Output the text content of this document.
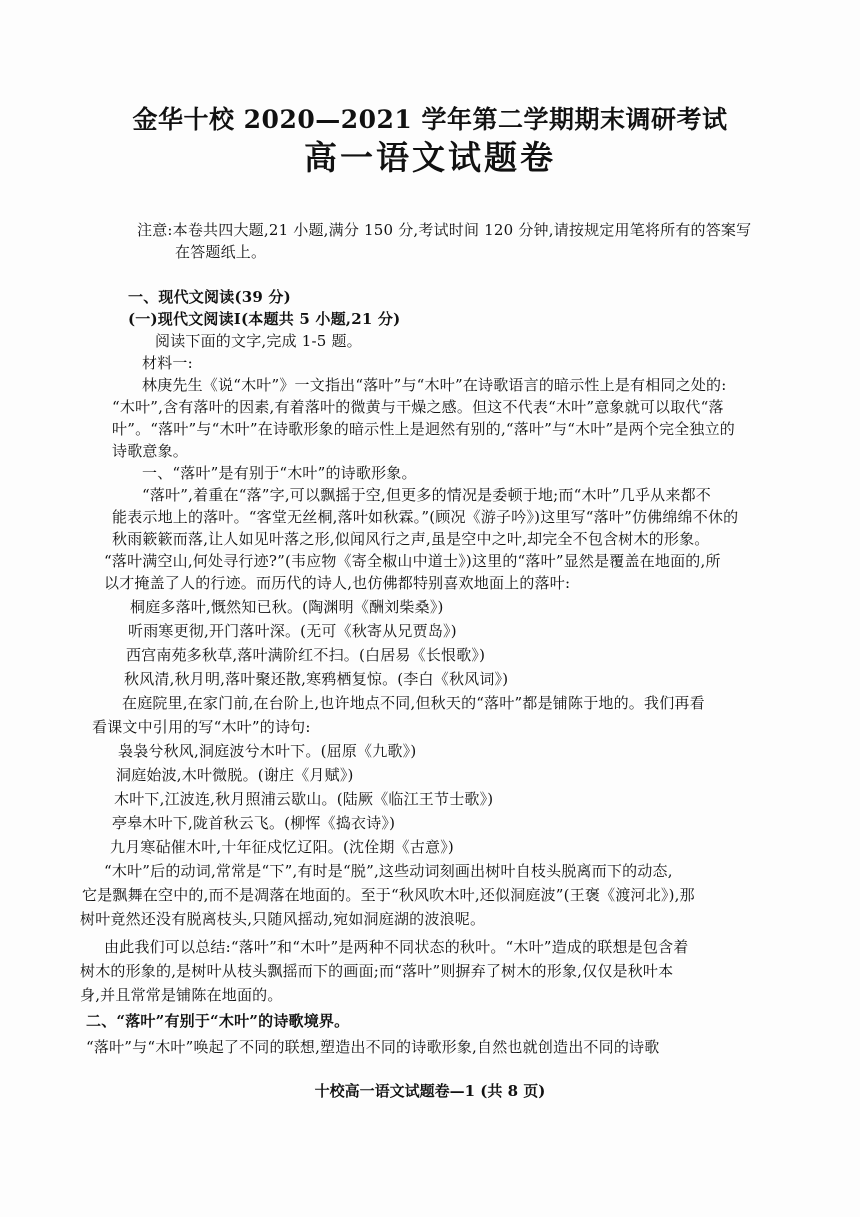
金华十校 2020—2021 学年第二学期期末调研考试
高一语文试题卷
注意:本卷共四大题,21 小题,满分 150 分,考试时间 120 分钟,请按规定用笔将所有的答案写
在答题纸上。
一、现代文阅读(39 分)
(一)现代文阅读Ⅰ(本题共 5 小题,21 分)
阅读下面的文字,完成 1-5 题。
材料一:
林庚先生《说“木叶”》一文指出“落叶”与“木叶”在诗歌语言的暗示性上是有相同之处的:
“木叶”,含有落叶的因素,有着落叶的微黄与干燥之感。但这不代表“木叶”意象就可以取代“落
叶”。“落叶”与“木叶”在诗歌形象的暗示性上是迥然有别的,“落叶”与“木叶”是两个完全独立的
诗歌意象。
一、“落叶”是有别于“木叶”的诗歌形象。
“落叶”,着重在“落”字,可以飘摇于空,但更多的情况是委顿于地;而“木叶”几乎从来都不
能表示地上的落叶。“客堂无丝桐,落叶如秋霖。”(顾况《游子吟》)这里写“落叶”仿佛绵绵不休的
秋雨簌簌而落,让人如见叶落之形,似闻风行之声,虽是空中之叶,却完全不包含树木的形象。
“落叶满空山,何处寻行迹?”(韦应物《寄全椒山中道士》)这里的“落叶”显然是覆盖在地面的,所
以才掩盖了人的行迹。而历代的诗人,也仿佛都特别喜欢地面上的落叶:
桐庭多落叶,慨然知已秋。(陶渊明《酬刘柴桑》)
听雨寒更彻,开门落叶深。(无可《秋寄从兄贾岛》)
西宫南苑多秋草,落叶满阶红不扫。(白居易《长恨歌》)
秋风清,秋月明,落叶聚还散,寒鸦栖复惊。(李白《秋风词》)
在庭院里,在家门前,在台阶上,也许地点不同,但秋天的“落叶”都是铺陈于地的。我们再看
看课文中引用的写“木叶”的诗句:
袅袅兮秋风,洞庭波兮木叶下。(屈原《九歌》)
洞庭始波,木叶微脱。(谢庄《月赋》)
木叶下,江波连,秋月照浦云歇山。(陆厥《临江王节士歌》)
亭皋木叶下,陇首秋云飞。(柳恽《捣衣诗》)
九月寒砧催木叶,十年征戍忆辽阳。(沈佺期《古意》)
“木叶”后的动词,常常是“下”,有时是“脱”,这些动词刻画出树叶自枝头脱离而下的动态,
它是飘舞在空中的,而不是凋落在地面的。至于“秋风吹木叶,还似洞庭波”(王褒《渡河北》),那
树叶竟然还没有脱离枝头,只随风摇动,宛如洞庭湖的波浪呢。
由此我们可以总结:“落叶”和“木叶”是两种不同状态的秋叶。“木叶”造成的联想是包含着
树木的形象的,是树叶从枝头飘摇而下的画面;而“落叶”则摒弃了树木的形象,仅仅是秋叶本
身,并且常常是铺陈在地面的。
二、“落叶”有别于“木叶”的诗歌境界。
“落叶”与“木叶”唤起了不同的联想,塑造出不同的诗歌形象,自然也就创造出不同的诗歌
十校高一语文试题卷—1 (共 8 页)
